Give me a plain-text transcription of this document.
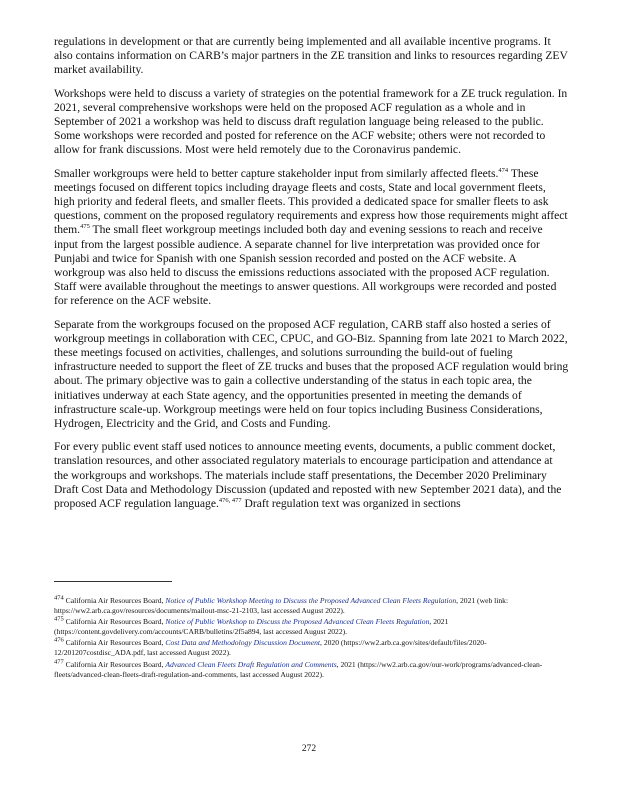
regulations in development or that are currently being implemented and all available incentive programs. It also contains information on CARB’s major partners in the ZE transition and links to resources regarding ZEV market availability.

Workshops were held to discuss a variety of strategies on the potential framework for a ZE truck regulation. In 2021, several comprehensive workshops were held on the proposed ACF regulation as a whole and in September of 2021 a workshop was held to discuss draft regulation language being released to the public. Some workshops were recorded and posted for reference on the ACF website; others were not recorded to allow for frank discussions. Most were held remotely due to the Coronavirus pandemic.

Smaller workgroups were held to better capture stakeholder input from similarly affected fleets.$^{474}$ These meetings focused on different topics including drayage fleets and costs, State and local government fleets, high priority and federal fleets, and smaller fleets. This provided a dedicated space for smaller fleets to ask questions, comment on the proposed regulatory requirements and express how those requirements might affect them.$^{475}$ The small fleet workgroup meetings included both day and evening sessions to reach and receive input from the largest possible audience. A separate channel for live interpretation was provided once for Punjabi and twice for Spanish with one Spanish session recorded and posted on the ACF website. A workgroup was also held to discuss the emissions reductions associated with the proposed ACF regulation. Staff were available throughout the meetings to answer questions. All workgroups were recorded and posted for reference on the ACF website.

Separate from the workgroups focused on the proposed ACF regulation, CARB staff also hosted a series of workgroup meetings in collaboration with CEC, CPUC, and GO-Biz. Spanning from late 2021 to March 2022, these meetings focused on activities, challenges, and solutions surrounding the build-out of fueling infrastructure needed to support the fleet of ZE trucks and buses that the proposed ACF regulation would bring about. The primary objective was to gain a collective understanding of the status in each topic area, the initiatives underway at each State agency, and the opportunities presented in meeting the demands of infrastructure scale-up. Workgroup meetings were held on four topics including Business Considerations, Hydrogen, Electricity and the Grid, and Costs and Funding.

For every public event staff used notices to announce meeting events, documents, a public comment docket, translation resources, and other associated regulatory materials to encourage participation and attendance at the workgroups and workshops. The materials include staff presentations, the December 2020 Preliminary Draft Cost Data and Methodology Discussion (updated and reposted with new September 2021 data), and the proposed ACF regulation language.$^{476, 477}$ Draft regulation text was organized in sections

$^{474}$ California Air Resources Board, Notice of Public Workshop Meeting to Discuss the Proposed Advanced Clean Fleets Regulation, 2021 (web link: https://ww2.arb.ca.gov/resources/documents/mailout-msc-21-2103, last accessed August 2022).

$^{475}$ California Air Resources Board, Notice of Public Workshop to Discuss the Proposed Advanced Clean Fleets Regulation, 2021 (https://content.govdelivery.com/accounts/CARB/bulletins/2f5a894, last accessed August 2022).

$^{476}$ California Air Resources Board, Cost Data and Methodology Discussion Document, 2020 (https://ww2.arb.ca.gov/sites/default/files/2020-12/201207costdisc_ADA.pdf, last accessed August 2022).

$^{477}$ California Air Resources Board, Advanced Clean Fleets Draft Regulation and Comments, 2021 (https://ww2.arb.ca.gov/our-work/programs/advanced-clean-fleets/advanced-clean-fleets-draft-regulation-and-comments, last accessed August 2022).

272
